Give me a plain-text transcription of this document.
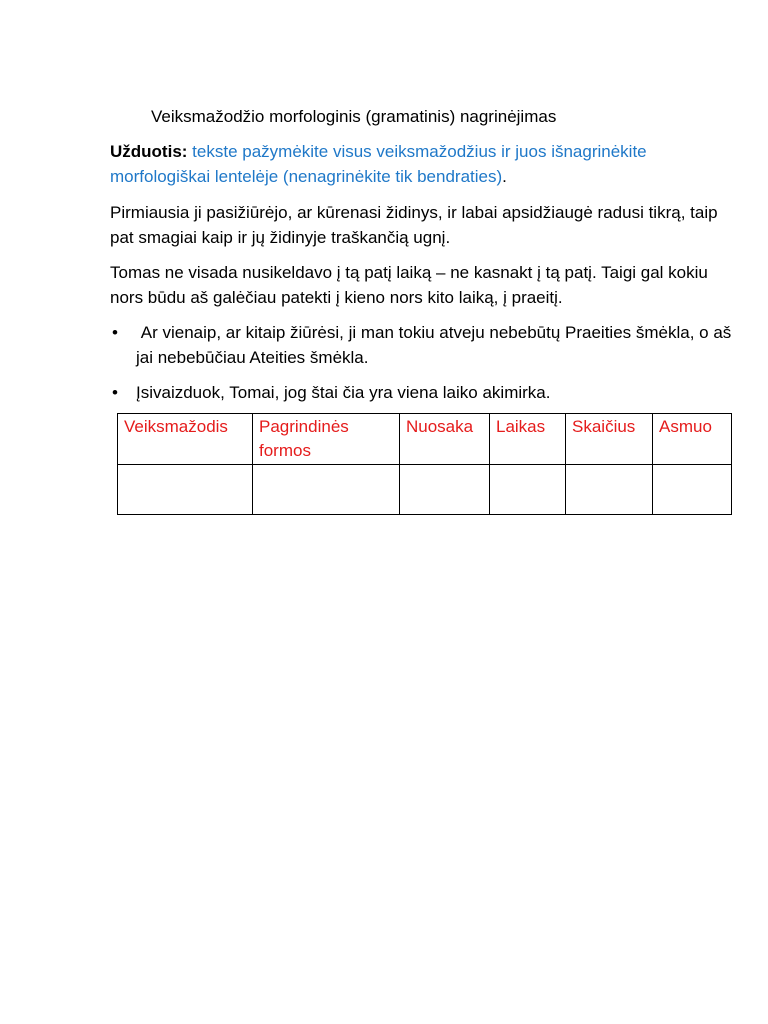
Veiksmažodžio morfologinis (gramatinis) nagrinėjimas
Užduotis: tekste pažymėkite visus veiksmažodžius ir juos išnagrinėkite morfologiškai lentelėje (nenagrinėkite tik bendraties).
Pirmiausia ji pasižiūrėjo, ar kūrenasi židinys, ir labai apsidžiaugė radusi tikrą, taip pat smagiai kaip ir jų židinyje traškančią ugnį.
Tomas ne visada nusikeldavo į tą patį laiką – ne kasnakt į tą patį. Taigi gal kokiu nors būdu aš galėčiau patekti į kieno nors kito laiką, į praeitį.
• Ar vienaip, ar kitaip žiūrėsi, ji man tokiu atveju nebebūtų Praeities šmėkla, o aš jai nebebūčiau Ateities šmėkla.
• Įsivaizduok, Tomai, jog štai čia yra viena laiko akimirka.
Veiksmažodis	Pagrindinės formos	Nuosaka	Laikas	Skaičius	Asmuo
